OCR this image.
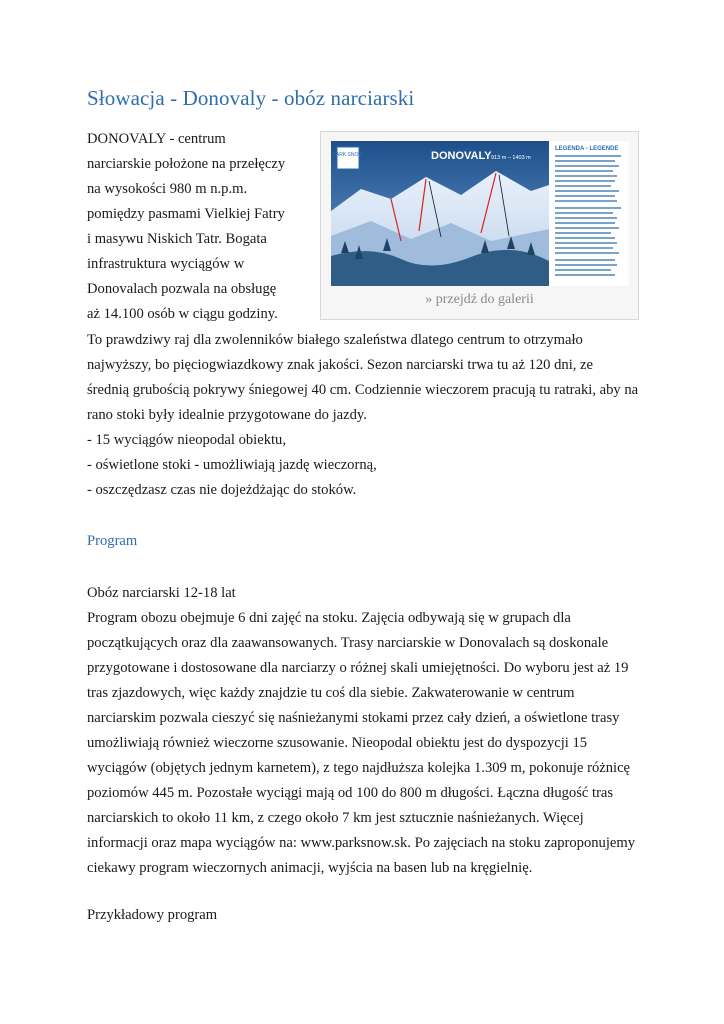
Słowacja - Donovaly - obóz narciarski
DONOVALY - centrum
narciarskie położone na przełęczy
na wysokości 980 m n.p.m.
pomiędzy pasmami Vielkiej Fatry
i masywu Niskich Tatr. Bogata
infrastruktura wyciągów w
Donovalach pozwala na obsługę
aż 14.100 osób w ciągu godziny.
PARK SNOW	DONOVALY 913 m – 1403 m
LEGENDA - LEGENDE
» przejdź do galerii
To prawdziwy raj dla zwolenników białego szaleństwa dlatego centrum to otrzymało
najwyższy, bo pięciogwiazdkowy znak jakości. Sezon narciarski trwa tu aż 120 dni, ze
średnią grubością pokrywy śniegowej 40 cm. Codziennie wieczorem pracują tu ratraki, aby na
rano stoki były idealnie przygotowane do jazdy.
- 15 wyciągów nieopodal obiektu,
- oświetlone stoki - umożliwiają jazdę wieczorną,
- oszczędzasz czas nie dojeżdżając do stoków.
Program
Obóz narciarski 12-18 lat
Program obozu obejmuje 6 dni zajęć na stoku. Zajęcia odbywają się w grupach dla
początkujących oraz dla zaawansowanych. Trasy narciarskie w Donovalach są doskonale
przygotowane i dostosowane dla narciarzy o różnej skali umiejętności. Do wyboru jest aż 19
tras zjazdowych, więc każdy znajdzie tu coś dla siebie. Zakwaterowanie w centrum
narciarskim pozwala cieszyć się naśnieżanymi stokami przez cały dzień, a oświetlone trasy
umożliwiają również wieczorne szusowanie. Nieopodal obiektu jest do dyspozycji 15
wyciągów (objętych jednym karnetem), z tego najdłuższa kolejka 1.309 m, pokonuje różnicę
poziomów 445 m. Pozostałe wyciągi mają od 100 do 800 m długości. Łączna długość tras
narciarskich to około 11 km, z czego około 7 km jest sztucznie naśnieżanych. Więcej
informacji oraz mapa wyciągów na: www.parksnow.sk. Po zajęciach na stoku zaproponujemy
ciekawy program wieczornych animacji, wyjścia na basen lub na kręgielnię.
Przykładowy program
